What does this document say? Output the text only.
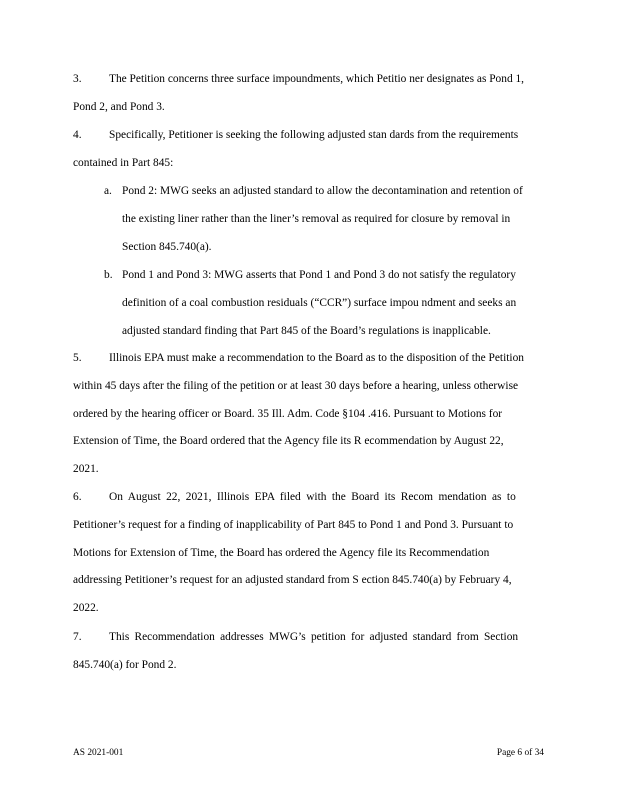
3. The Petition concerns three surface impoundments, which Petitio ner designates as Pond 1,
Pond 2, and Pond 3.
4. Specifically, Petitioner is seeking the following adjusted stan dards from the requirements
contained in Part 845:
a. Pond 2: MWG seeks an adjusted standard to allow the decontamination and retention of
the existing liner rather than the liner’s removal as required for closure by removal in
Section 845.740(a).
b. Pond 1 and Pond 3: MWG asserts that Pond 1 and Pond 3 do not satisfy the regulatory
definition of a coal combustion residuals (“CCR”) surface impou ndment and seeks an
adjusted standard finding that Part 845 of the Board’s regulations is inapplicable.
5. Illinois EPA must make a recommendation to the Board as to the disposition of the Petition
within 45 days after the filing of the petition or at least 30 days before a hearing, unless otherwise
ordered by the hearing officer or Board. 35 Ill. Adm. Code §104 .416. Pursuant to Motions for
Extension of Time, the Board ordered that the Agency file its R ecommendation by August 22,
2021.
6. On August 22, 2021, Illinois EPA filed with the Board its Recom mendation as to
Petitioner’s request for a finding of inapplicability of Part 845 to Pond 1 and Pond 3. Pursuant to
Motions for Extension of Time, the Board has ordered the Agency file its Recommendation
addressing Petitioner’s request for an adjusted standard from S ection 845.740(a) by February 4,
2022.
7. This Recommendation addresses MWG’s petition for adjusted standard from Section
845.740(a) for Pond 2.
AS 2021-001	Page 6 of 34
